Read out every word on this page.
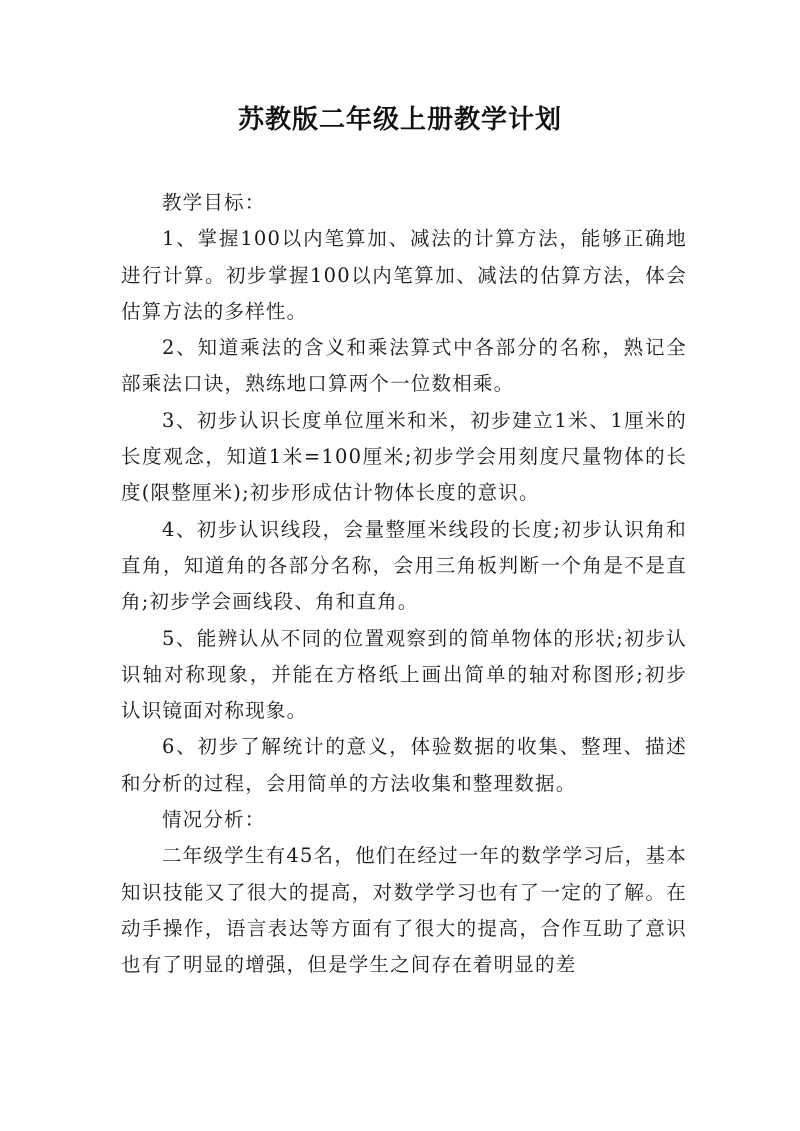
苏教版二年级上册教学计划

教学目标：

1、掌握100以内笔算加、减法的计算方法，能够正确地进行计算。初步掌握100以内笔算加、减法的估算方法，体会估算方法的多样性。

2、知道乘法的含义和乘法算式中各部分的名称，熟记全部乘法口诀，熟练地口算两个一位数相乘。

3、初步认识长度单位厘米和米，初步建立1米、1厘米的长度观念，知道1米=100厘米;初步学会用刻度尺量物体的长度(限整厘米);初步形成估计物体长度的意识。

4、初步认识线段，会量整厘米线段的长度;初步认识角和直角，知道角的各部分名称，会用三角板判断一个角是不是直角;初步学会画线段、角和直角。

5、能辨认从不同的位置观察到的简单物体的形状;初步认识轴对称现象，并能在方格纸上画出简单的轴对称图形;初步认识镜面对称现象。

6、初步了解统计的意义，体验数据的收集、整理、描述和分析的过程，会用简单的方法收集和整理数据。

情况分析：

二年级学生有45名，他们在经过一年的数学学习后，基本知识技能又了很大的提高，对数学学习也有了一定的了解。在动手操作，语言表达等方面有了很大的提高，合作互助了意识也有了明显的增强，但是学生之间存在着明显的差
